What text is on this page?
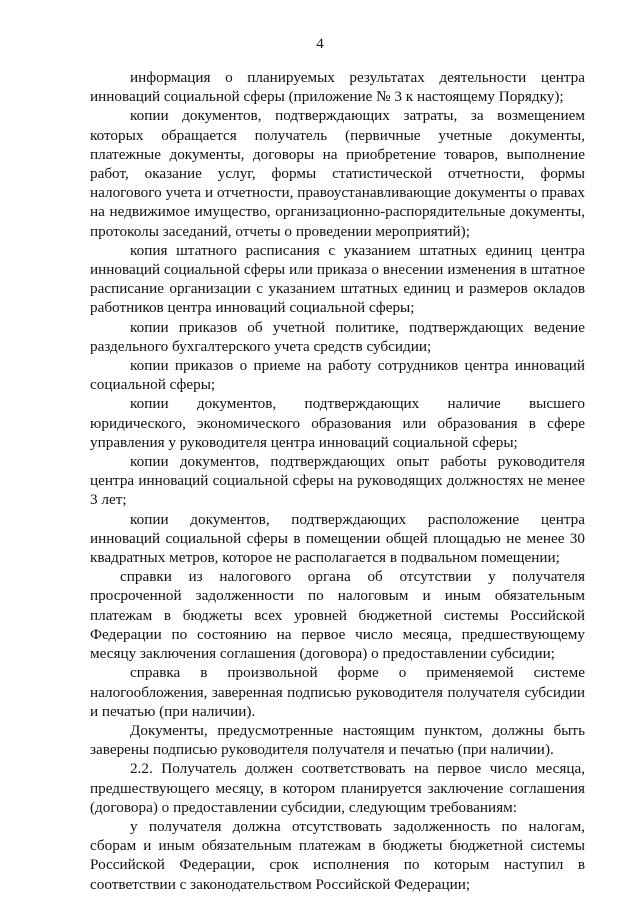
4

информация о планируемых результатах деятельности центра инноваций социальной сферы (приложение № 3 к настоящему Порядку);

копии документов, подтверждающих затраты, за возмещением которых обращается получатель (первичные учетные документы, платежные документы, договоры на приобретение товаров, выполнение работ, оказание услуг, формы статистической отчетности, формы налогового учета и отчетности, правоустанавливающие документы о правах на недвижимое имущество, организационно-распорядительные документы, протоколы заседаний, отчеты о проведении мероприятий);

копия штатного расписания с указанием штатных единиц центра инноваций социальной сферы или приказа о внесении изменения в штатное расписание организации с указанием штатных единиц и размеров окладов работников центра инноваций социальной сферы;

копии приказов об учетной политике, подтверждающих ведение раздельного бухгалтерского учета средств субсидии;

копии приказов о приеме на работу сотрудников центра инноваций социальной сферы;

копии документов, подтверждающих наличие высшего юридического, экономического образования или образования в сфере управления у руководителя центра инноваций социальной сферы;

копии документов, подтверждающих опыт работы руководителя центра инноваций социальной сферы на руководящих должностях не менее 3 лет;

копии документов, подтверждающих расположение центра инноваций социальной сферы в помещении общей площадью не менее 30 квадратных метров, которое не располагается в подвальном помещении;

справки из налогового органа об отсутствии у получателя просроченной задолженности по налоговым и иным обязательным платежам в бюджеты всех уровней бюджетной системы Российской Федерации по состоянию на первое число месяца, предшествующему месяцу заключения соглашения (договора) о предоставлении субсидии;

справка в произвольной форме о применяемой системе налогообложения, заверенная подписью руководителя получателя субсидии и печатью (при наличии).

Документы, предусмотренные настоящим пунктом, должны быть заверены подписью руководителя получателя и печатью (при наличии).

2.2. Получатель должен соответствовать на первое число месяца, предшествующего месяцу, в котором планируется заключение соглашения (договора) о предоставлении субсидии, следующим требованиям:

у получателя должна отсутствовать задолженность по налогам, сборам и иным обязательным платежам в бюджеты бюджетной системы Российской Федерации, срок исполнения по которым наступил в соответствии с законодательством Российской Федерации;
